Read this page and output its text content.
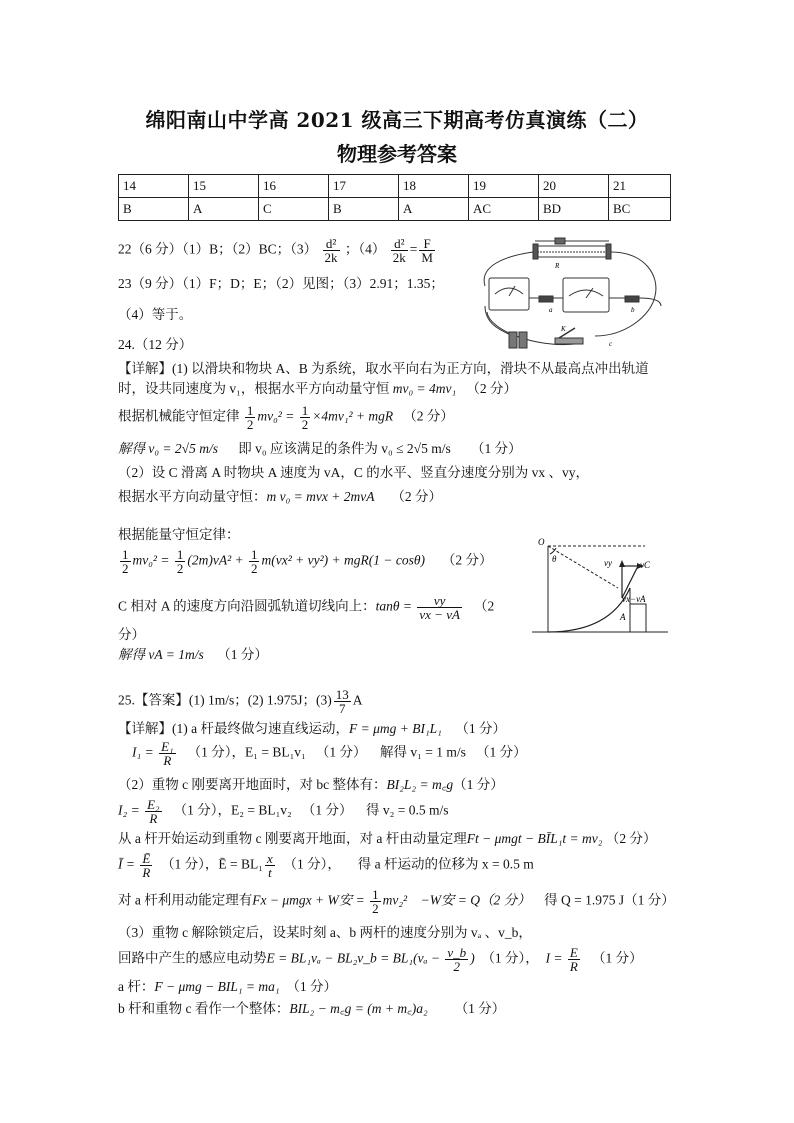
绵阳南山中学高 2021 级高三下期高考仿真演练（二）
物理参考答案
14	15	16	17	18	19	20	21
B	A	C	B	A	AC	BD	BC
22（6 分）（1）B；（2）BC；$(3) \frac{\text{d²}}{2k}$ ；$(4) \frac{\text{d²}}{2k} = \frac{F}{M}$
23（9 分）（1）F；D；E；（2）见图；（3）2.91；1.35；
（4）等于。
R
a	b
c
K
24.（12 分）
【详解】(1) 以滑块和物块 A、B 为系统，取水平向右为正方向，滑块不从最高点冲出轨道
时，设共同速度为 v₁，根据水平方向动量守恒 mv₀ = 4mv₁ （2 分）
根据机械能守恒定律 $\frac{1}{2} mv_0^2 = \frac{1}{2} \times 4mv_1^2$ + mgR （2 分）
解得 v₀ = 2√5 m/s 即 v₀ 应该满足的条件为 v₀ ≤ 2√5 m/s （1 分）
（2）设 C 滑离 A 时物块 A 速度为 vA，C 的水平、竖直分速度分别为 vx 、vy，
根据水平方向动量守恒：m v₀ = mvx + 2mvA （2 分）
根据能量守恒定律：
$\frac{1}{2} mv_0^2 = \frac{1}{2} (2m)vA^2 + \frac{1}{2} m(vx^2 + vy^2) + mgR(1 - \cos\theta)$ （2 分）
C 相对 A 的速度方向沿圆弧轨道切线向上：$\tan\theta = \frac{vy}{vx - vA} (2$
分）
解得 vA = 1m/s （1 分）
O
θ	vy	vC
vx−vA
A
25.【答案】(1) 1m/s；(2) 1.975J；$(3) \frac{13}{7}$ A
【详解】(1) a 杆最终做匀速直线运动，F = μmg + BI₁L₁ （1 分）
$I_1 = \frac{\text{E₁}}{R} (1$ 分），E₁ = BL₁v₁ （1 分） 解得 v₁ = 1 m/s （1 分）
（2）重物 c 刚要离开地面时，对 bc 整体有：BI₂L₂ = m꜀g（1 分）
$I_2 = \frac{\text{E₂}}{R} (1$ 分），E₂ = BL₁v₂ （1 分） 得 v₂ = 0.5 m/s
从 a 杆开始运动到重物 c 刚要离开地面，对 a 杆由动量定理Ft − μmgt − BĪL₁t = mv₂ （2 分）
Ī = $\frac{Ē}{R} (1$ 分），Ē = $BL_1 \frac{x}{t} (1$ 分）， 得 a 杆运动的位移为 x = 0.5 m
对 a 杆利用动能定理有Fx − μmgx + W安 = $\frac{1}{2} mv_2^2 -W$安 = Q（2 分） 得 Q = 1.975 J（1 分）
（3）重物 c 解除锁定后，设某时刻 a、b 两杆的速度分别为 vₐ 、v_b，
回路中产生的感应电动势E = BL₁vₐ − BL₂v_b = $BL_1(v_a - \frac{v\_b}{2}$ ) （1 分）， $I = \frac{E}{R} (1$ 分）
a 杆：F − μmg − BIL₁ = ma₁ （1 分）
b 杆和重物 c 看作一个整体：BIL₂ − m꜀g = (m + m꜀)a₂ （1 分）
